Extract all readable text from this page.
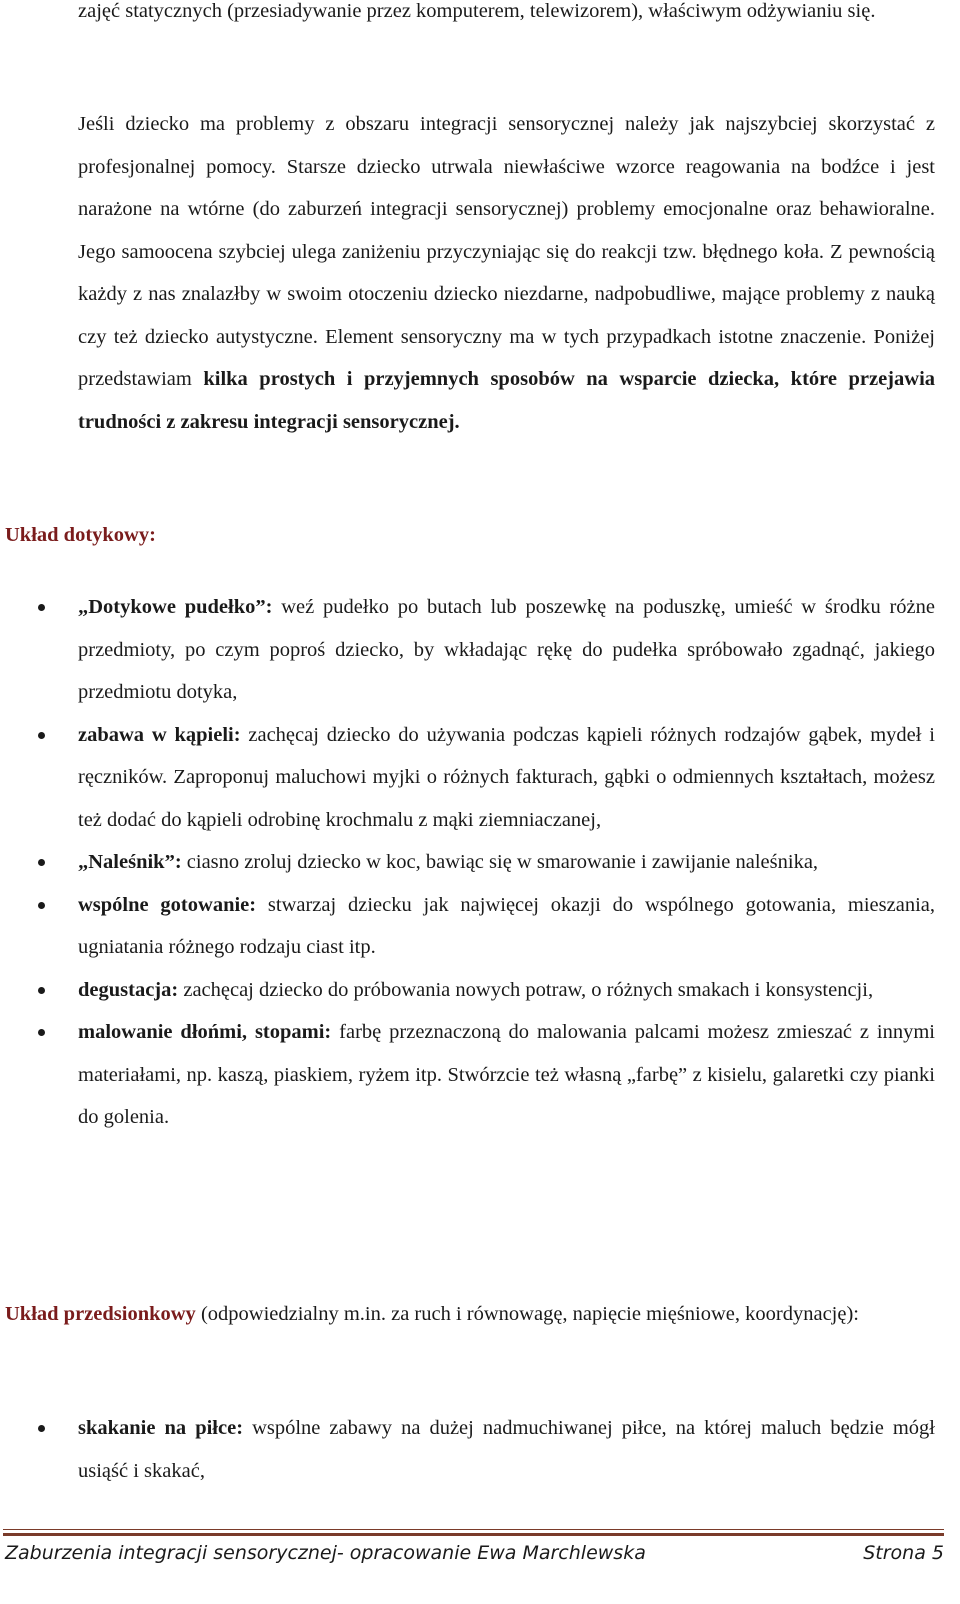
zajęć statycznych (przesiadywanie przez komputerem, telewizorem), właściwym odżywianiu się.

Jeśli dziecko ma problemy z obszaru integracji sensorycznej należy jak najszybciej skorzystać z profesjonalnej pomocy. Starsze dziecko utrwala niewłaściwe wzorce reagowania na bodźce i jest narażone na wtórne (do zaburzeń integracji sensorycznej) problemy emocjonalne oraz behawioralne. Jego samoocena szybciej ulega zaniżeniu przyczyniając się do reakcji tzw. błędnego koła. Z pewnością każdy z nas znalazłby w swoim otoczeniu dziecko niezdarne, nadpobudliwe, mające problemy z nauką czy też dziecko autystyczne. Element sensoryczny ma w tych przypadkach istotne znaczenie. Poniżej przedstawiam kilka prostych i przyjemnych sposobów na wsparcie dziecka, które przejawia trudności z zakresu integracji sensorycznej.

Układ dotykowy:
„Dotykowe pudełko”: weź pudełko po butach lub poszewkę na poduszkę, umieść w środku różne przedmioty, po czym poproś dziecko, by wkładając rękę do pudełka spróbowało zgadnąć, jakiego przedmiotu dotyka,
zabawa w kąpieli: zachęcaj dziecko do używania podczas kąpieli różnych rodzajów gąbek, mydeł i ręczników. Zaproponuj maluchowi myjki o różnych fakturach, gąbki o odmiennych kształtach, możesz też dodać do kąpieli odrobinę krochmalu z mąki ziemniaczanej,
„Naleśnik”: ciasno zroluj dziecko w koc, bawiąc się w smarowanie i zawijanie naleśnika,
wspólne gotowanie: stwarzaj dziecku jak najwięcej okazji do wspólnego gotowania, mieszania, ugniatania różnego rodzaju ciast itp.
degustacja: zachęcaj dziecko do próbowania nowych potraw, o różnych smakach i konsystencji,
malowanie dłońmi, stopami: farbę przeznaczoną do malowania palcami możesz zmieszać z innymi materiałami, np. kaszą, piaskiem, ryżem itp. Stwórzcie też własną „farbę” z kisielu, galaretki czy pianki do golenia.
Układ przedsionkowy (odpowiedzialny m.in. za ruch i równowagę, napięcie mięśniowe, koordynację):
skakanie na piłce: wspólne zabawy na dużej nadmuchiwanej piłce, na której maluch będzie mógł usiąść i skakać,
Zaburzenia integracji sensorycznej- opracowanie Ewa Marchlewska	Strona 5
